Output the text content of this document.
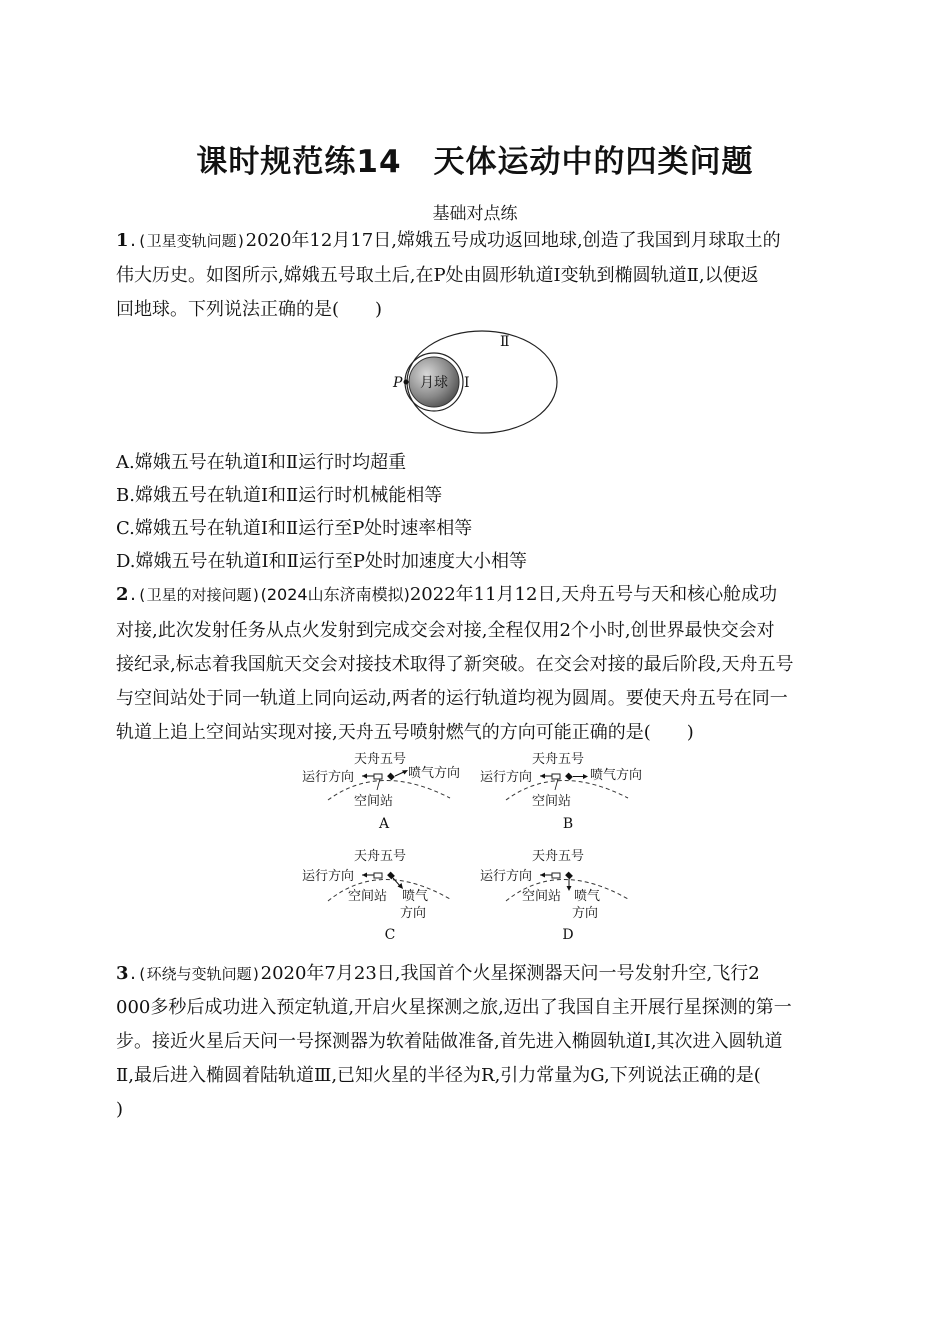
课时规范练14　天体运动中的四类问题
基础对点练
1.(卫星变轨问题)2020年12月17日,嫦娥五号成功返回地球,创造了我国到月球取土的
伟大历史。如图所示,嫦娥五号取土后,在P处由圆形轨道Ⅰ变轨到椭圆轨道Ⅱ,以便返
回地球。下列说法正确的是(　　)
月球
P	Ⅰ
Ⅱ
A.嫦娥五号在轨道Ⅰ和Ⅱ运行时均超重
B.嫦娥五号在轨道Ⅰ和Ⅱ运行时机械能相等
C.嫦娥五号在轨道Ⅰ和Ⅱ运行至P处时速率相等
D.嫦娥五号在轨道Ⅰ和Ⅱ运行至P处时加速度大小相等
2.(卫星的对接问题)(2024山东济南模拟)2022年11月12日,天舟五号与天和核心舱成功
对接,此次发射任务从点火发射到完成交会对接,全程仅用2个小时,创世界最快交会对
接纪录,标志着我国航天交会对接技术取得了新突破。在交会对接的最后阶段,天舟五号
与空间站处于同一轨道上同向运动,两者的运行轨道均视为圆周。要使天舟五号在同一
轨道上追上空间站实现对接,天舟五号喷射燃气的方向可能正确的是(　　)
天舟五号
运行方向	喷气方向
空间站
A
天舟五号
运行方向	喷气方向
空间站
B
天舟五号
运行方向
空间站 喷气
方向
C
天舟五号
运行方向
空间站 喷气
方向
D
3.(环绕与变轨问题)2020年7月23日,我国首个火星探测器天问一号发射升空,飞行2
000多秒后成功进入预定轨道,开启火星探测之旅,迈出了我国自主开展行星探测的第一
步。接近火星后天问一号探测器为软着陆做准备,首先进入椭圆轨道Ⅰ,其次进入圆轨道
Ⅱ,最后进入椭圆着陆轨道Ⅲ,已知火星的半径为R,引力常量为G,下列说法正确的是(
)
